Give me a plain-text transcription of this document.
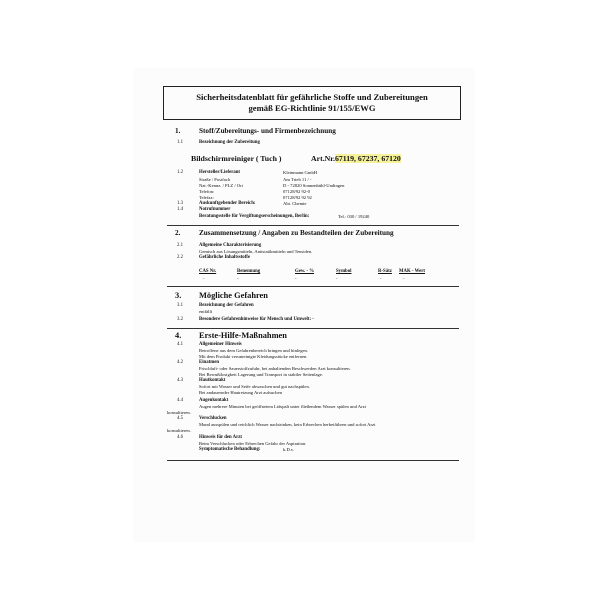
Sicherheitsdatenblatt für gefährliche Stoffe und Zubereitungen
gemäß EG-Richtlinie 91/155/EWG
1.	Stoff/Zubereitungs- und Firmenbezeichnung
1.1	Bezeichnung der Zubereitung
Bildschirmreiniger ( Tuch )	Art.Nr.67119, 67237, 67120
1.2	Hersteller/Lieferant	Kleinmann GmbH
Straße / Postfach	Am Trieb 11 / -
Nat.-Kennz. / PLZ / Ort	D - 72820 Sonnenbühl-Undingen
Telefon:	07128/92 92-0
Telefax:	07128/92 92 92
1.3	Auskunftgebender Bereich:	Abt. Chemie
1.4	Notrufnummer
Beratungsstelle für Vergiftungserscheinungen, Berlin:	Tel.: 030 / 19240
2.	Zusammensetzung / Angaben zu Bestandteilen der Zubereitung
2.1	Allgemeine Charakterisierung
Gemisch aus Lösungsmitteln, Antistatikmitteln und Tensiden.
2.2	Gefährliche Inhaltsstoffe
CAS Nr.	Benennung	Gew. - %	Symbol	R-Sätz MAK - Wert
-	-	-	-	-	-
3. Mögliche Gefahren
3.1	Bezeichnung der Gefahren
entfällt
3.2	Besondere Gefahrenhinweise für Mensch und Umwelt: -
4. Erste-Hilfe-Maßnahmen
4.1	Allgemeiner Hinweis
Betroffene aus dem Gefahrenbereich bringen und hinlegen.
Mit dem Produkt verunreinigte Kleidungsstücke entfernen.
4.2	Einatmen
Frischluft- oder Sauerstoffzufuhr, bei anhaltenden Beschwerden Arzt konsultieren.
Bei Bewußtlosigkeit Lagerung und Transport in stabiler Seitenlage.
4.3	Hautkontakt
Sofort mit Wasser und Seife abwaschen und gut nachspülen.
Bei andauernder Hautreizung Arzt aufsuchen
4.4	Augenkontakt
Augen mehrere Minuten bei geöffnetem Lidspalt unter fließendem Wasser spülen und Arzt
konsultieren.
4.5	Verschlucken
Mund ausspülen und reichlich Wasser nachtrinken, kein Erbrechen herbeiführen und sofort Arzt
konsultieren.
4.6	Hinweis für den Arzt
Beim Verschlucken oder Erbrechen Gefahr der Aspiration.
Symptomatische Behandlung:	k.D.v.
